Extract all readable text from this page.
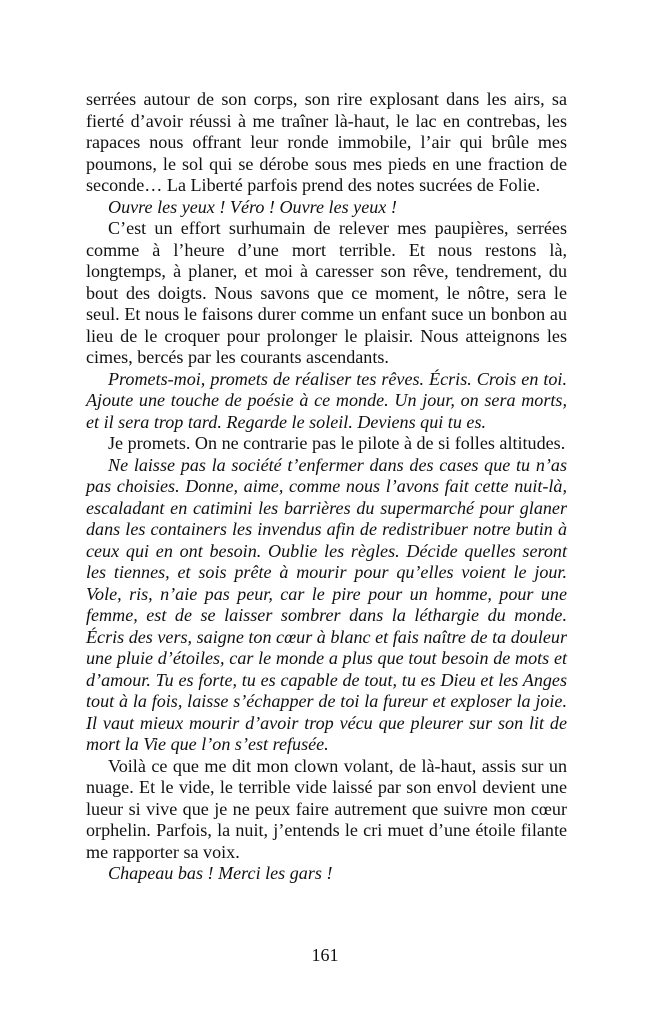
serrées autour de son corps, son rire explosant dans les airs, sa fierté d’avoir réussi à me traîner là-haut, le lac en contrebas, les rapaces nous offrant leur ronde immobile, l’air qui brûle mes poumons, le sol qui se dérobe sous mes pieds en une fraction de seconde… La Liberté parfois prend des notes sucrées de Folie.

Ouvre les yeux ! Véro ! Ouvre les yeux !

C’est un effort surhumain de relever mes paupières, serrées comme à l’heure d’une mort terrible. Et nous restons là, longtemps, à planer, et moi à caresser son rêve, tendrement, du bout des doigts. Nous savons que ce moment, le nôtre, sera le seul. Et nous le faisons durer comme un enfant suce un bonbon au lieu de le croquer pour prolonger le plaisir. Nous atteignons les cimes, bercés par les courants ascendants.

Promets-moi, promets de réaliser tes rêves. Écris. Crois en toi. Ajoute une touche de poésie à ce monde. Un jour, on sera morts, et il sera trop tard. Regarde le soleil. Deviens qui tu es.

Je promets. On ne contrarie pas le pilote à de si folles altitudes.

Ne laisse pas la société t’enfermer dans des cases que tu n’as pas choisies. Donne, aime, comme nous l’avons fait cette nuit-là, escaladant en catimini les barrières du supermarché pour glaner dans les containers les invendus afin de redistribuer notre butin à ceux qui en ont besoin. Oublie les règles. Décide quelles seront les tiennes, et sois prête à mourir pour qu’elles voient le jour. Vole, ris, n’aie pas peur, car le pire pour un homme, pour une femme, est de se laisser sombrer dans la léthargie du monde. Écris des vers, saigne ton cœur à blanc et fais naître de ta douleur une pluie d’étoiles, car le monde a plus que tout besoin de mots et d’amour. Tu es forte, tu es capable de tout, tu es Dieu et les Anges tout à la fois, laisse s’échapper de toi la fureur et exploser la joie. Il vaut mieux mourir d’avoir trop vécu que pleurer sur son lit de mort la Vie que l’on s’est refusée.

Voilà ce que me dit mon clown volant, de là-haut, assis sur un nuage. Et le vide, le terrible vide laissé par son envol devient une lueur si vive que je ne peux faire autrement que suivre mon cœur orphelin. Parfois, la nuit, j’entends le cri muet d’une étoile filante me rapporter sa voix.

Chapeau bas ! Merci les gars !

161
